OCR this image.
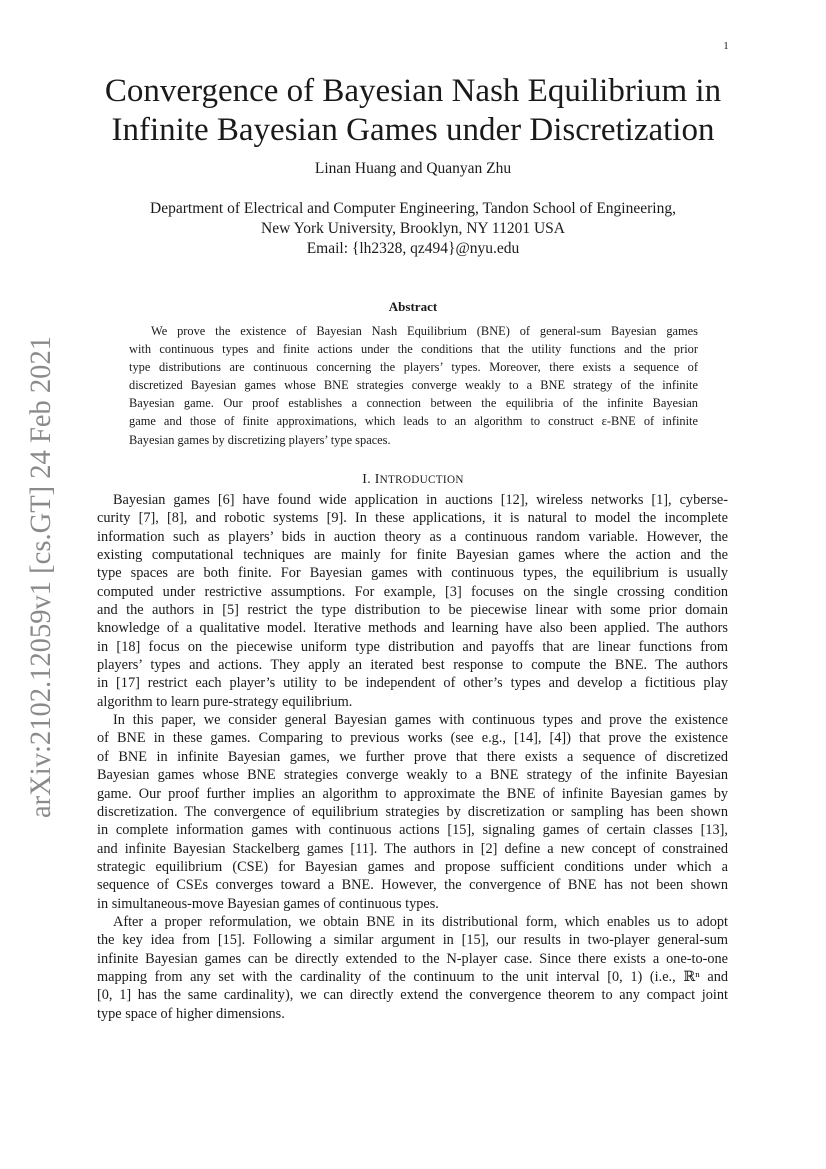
1
arXiv:2102.12059v1 [cs.GT] 24 Feb 2021
Convergence of Bayesian Nash Equilibrium in
Infinite Bayesian Games under Discretization
Linan Huang and Quanyan Zhu
Department of Electrical and Computer Engineering, Tandon School of Engineering,
New York University, Brooklyn, NY 11201 USA
Email: {lh2328, qz494}@nyu.edu
Abstract
We prove the existence of Bayesian Nash Equilibrium (BNE) of general-sum Bayesian games
with continuous types and finite actions under the conditions that the utility functions and the prior
type distributions are continuous concerning the players’ types. Moreover, there exists a sequence of
discretized Bayesian games whose BNE strategies converge weakly to a BNE strategy of the infinite
Bayesian game. Our proof establishes a connection between the equilibria of the infinite Bayesian
game and those of finite approximations, which leads to an algorithm to construct ε-BNE of infinite
Bayesian games by discretizing players’ type spaces.
I. INTRODUCTION
Bayesian games [6] have found wide application in auctions [12], wireless networks [1], cyberse-
curity [7], [8], and robotic systems [9]. In these applications, it is natural to model the incomplete
information such as players’ bids in auction theory as a continuous random variable. However, the
existing computational techniques are mainly for finite Bayesian games where the action and the
type spaces are both finite. For Bayesian games with continuous types, the equilibrium is usually
computed under restrictive assumptions. For example, [3] focuses on the single crossing condition
and the authors in [5] restrict the type distribution to be piecewise linear with some prior domain
knowledge of a qualitative model. Iterative methods and learning have also been applied. The authors
in [18] focus on the piecewise uniform type distribution and payoffs that are linear functions from
players’ types and actions. They apply an iterated best response to compute the BNE. The authors
in [17] restrict each player’s utility to be independent of other’s types and develop a fictitious play
algorithm to learn pure-strategy equilibrium.
In this paper, we consider general Bayesian games with continuous types and prove the existence
of BNE in these games. Comparing to previous works (see e.g., [14], [4]) that prove the existence
of BNE in infinite Bayesian games, we further prove that there exists a sequence of discretized
Bayesian games whose BNE strategies converge weakly to a BNE strategy of the infinite Bayesian
game. Our proof further implies an algorithm to approximate the BNE of infinite Bayesian games by
discretization. The convergence of equilibrium strategies by discretization or sampling has been shown
in complete information games with continuous actions [15], signaling games of certain classes [13],
and infinite Bayesian Stackelberg games [11]. The authors in [2] define a new concept of constrained
strategic equilibrium (CSE) for Bayesian games and propose sufficient conditions under which a
sequence of CSEs converges toward a BNE. However, the convergence of BNE has not been shown
in simultaneous-move Bayesian games of continuous types.
After a proper reformulation, we obtain BNE in its distributional form, which enables us to adopt
the key idea from [15]. Following a similar argument in [15], our results in two-player general-sum
infinite Bayesian games can be directly extended to the N-player case. Since there exists a one-to-one
mapping from any set with the cardinality of the continuum to the unit interval [0, 1) (i.e., ℝⁿ and
[0, 1] has the same cardinality), we can directly extend the convergence theorem to any compact joint
type space of higher dimensions.
